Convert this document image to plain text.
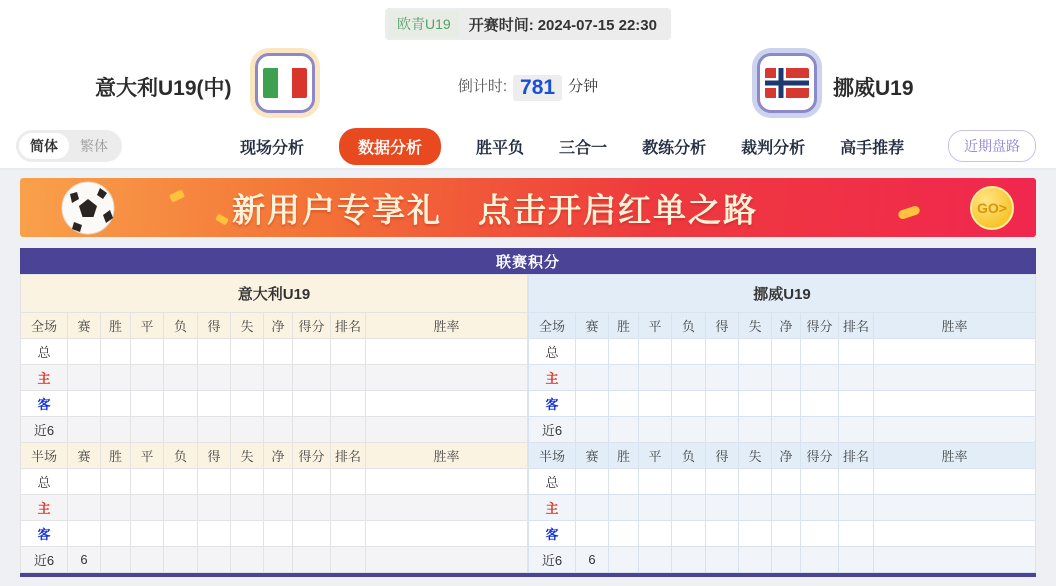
欧青U19	开赛时间: 2024-07-15 22:30
意大利U19(中)	倒计时: 781 分钟	挪威U19
简体	繁体	现场分析	数据分析	胜平负 三合一 教练分析 裁判分析 高手推荐	近期盘路
新用户专享礼 点击开启红单之路	GO>
联赛积分
意大利U19										
全场	赛	胜	平	负	得	失	净	得分	排名	胜率
总										
主										
客										
近6										
半场	赛	胜	平	负	得	失	净	得分	排名	胜率
总										
主										
客										
近6	6									
挪威U19										
全场	赛	胜	平	负	得	失	净	得分	排名	胜率
总										
主										
客										
近6										
半场	赛	胜	平	负	得	失	净	得分	排名	胜率
总										
主										
客										
近6	6									
